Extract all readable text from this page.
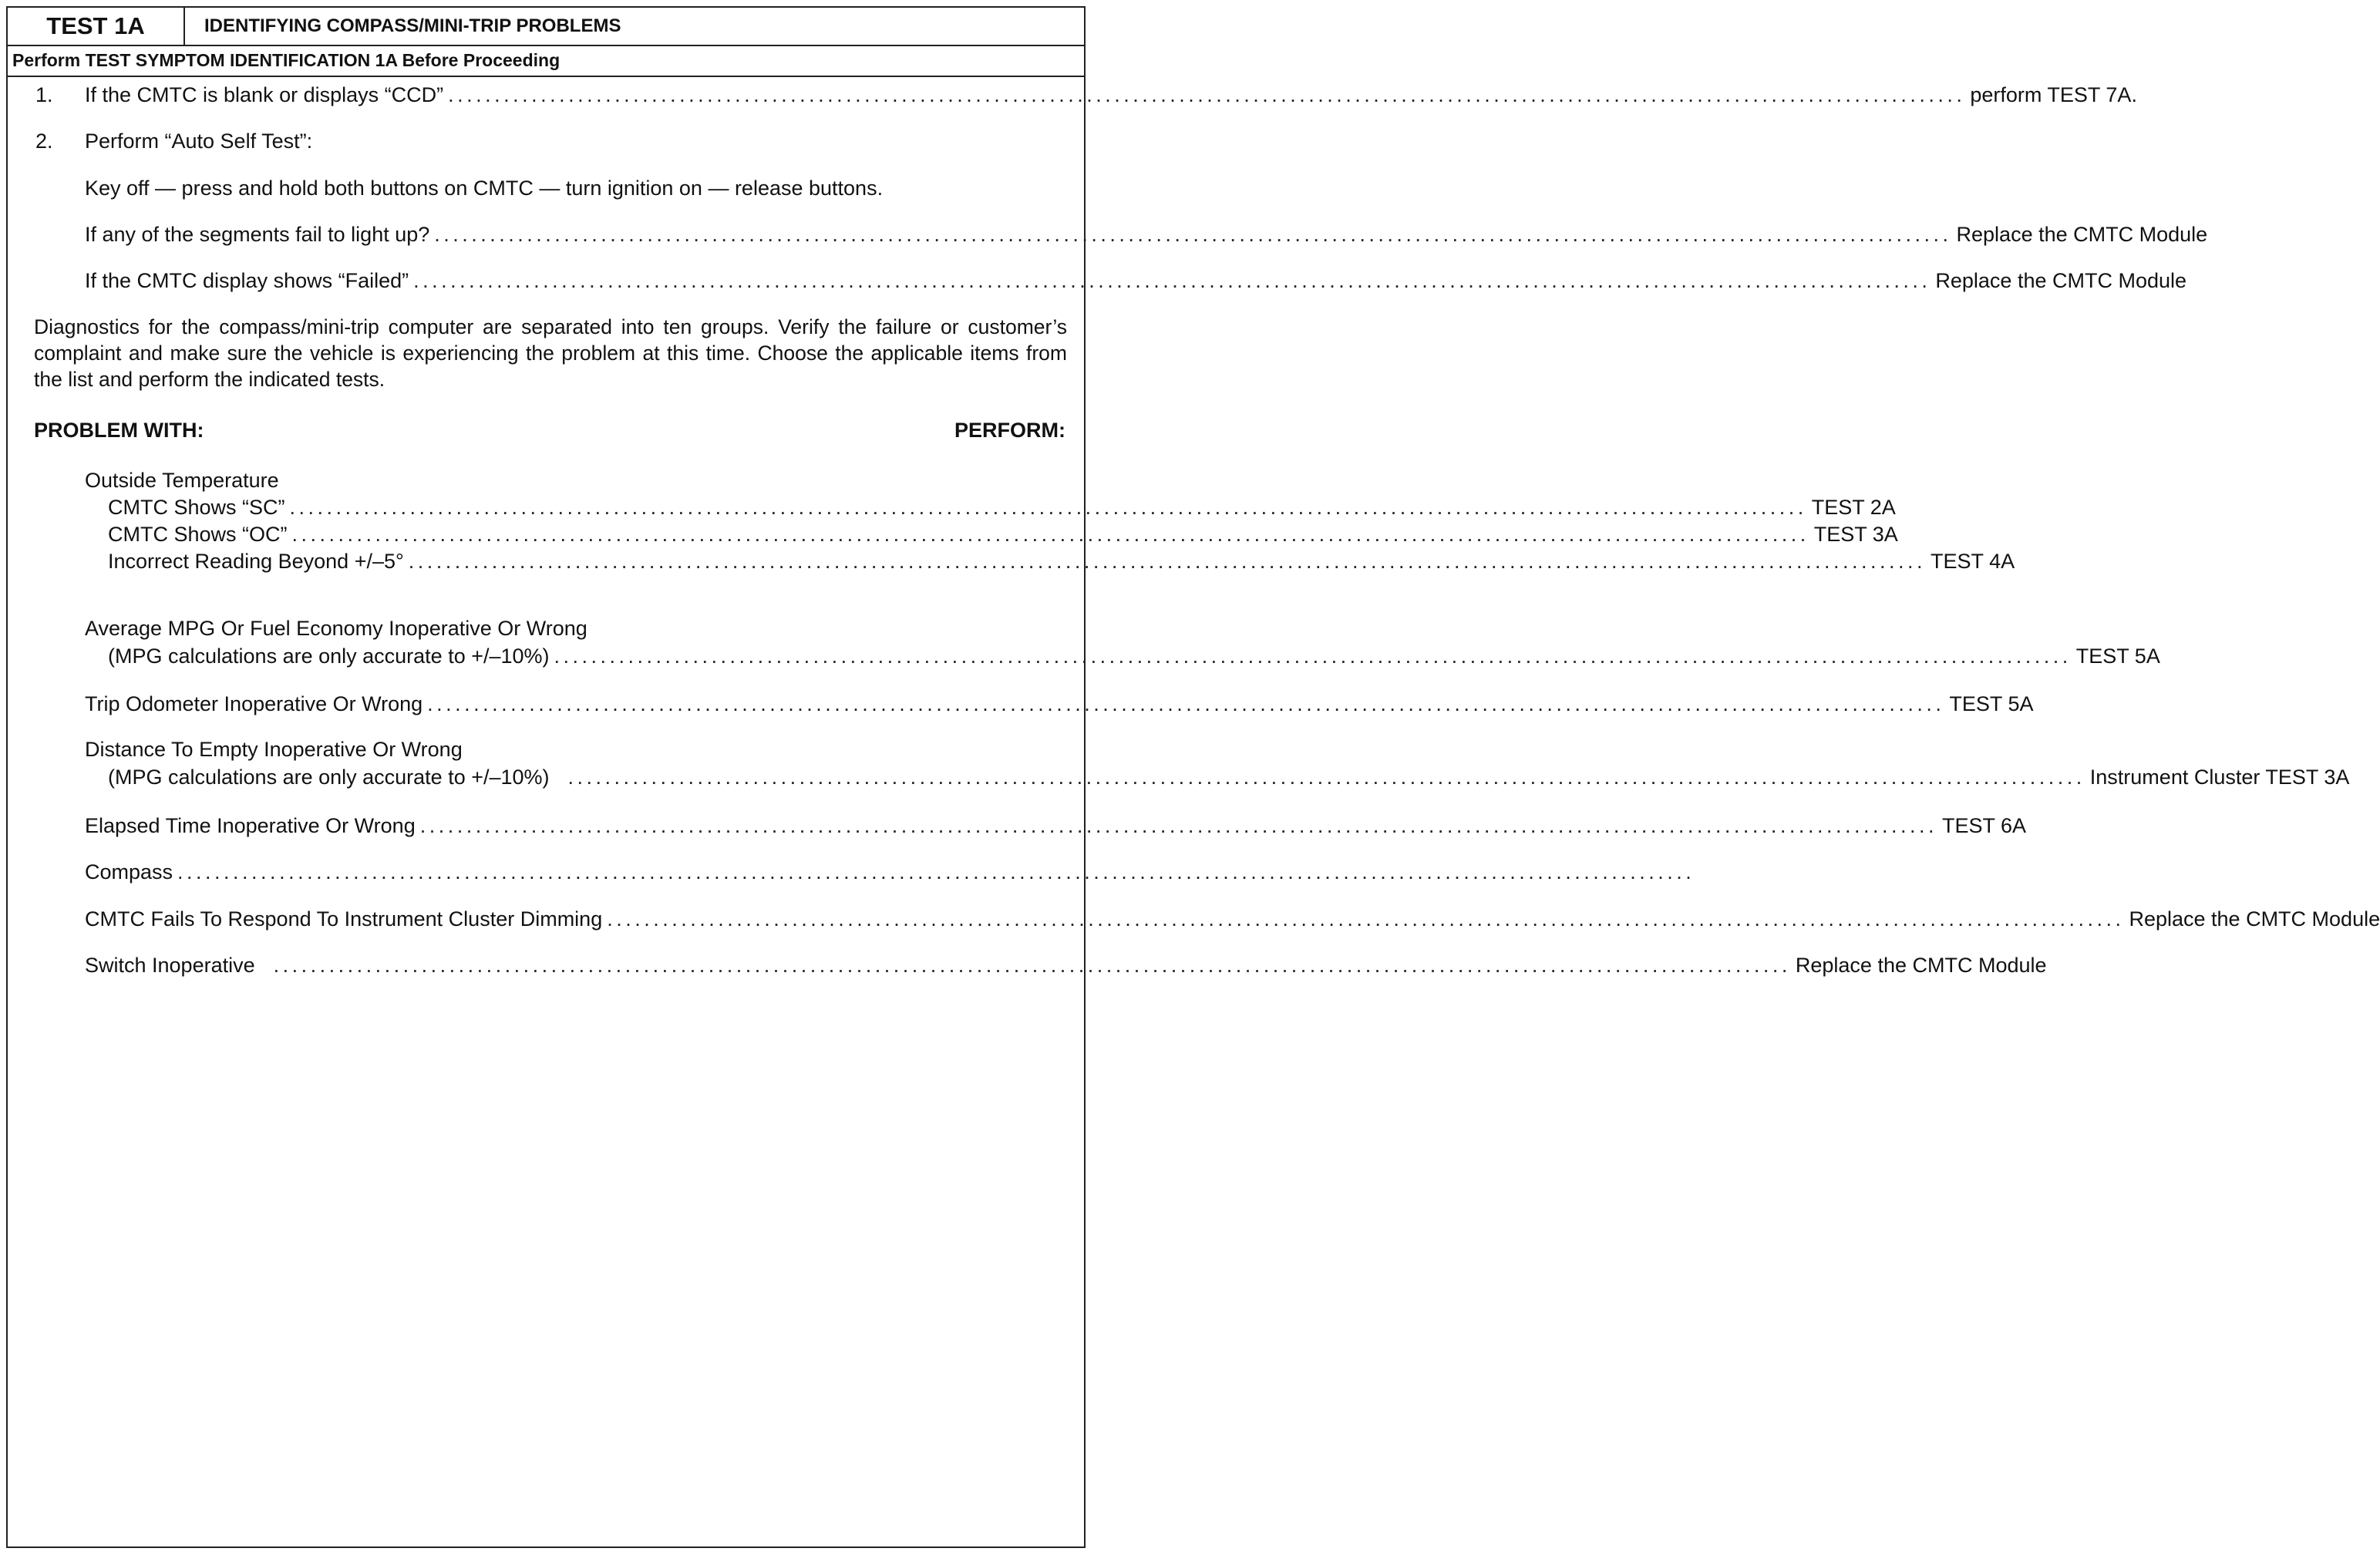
TEST 1A	IDENTIFYING COMPASS/MINI-TRIP PROBLEMS
Perform TEST SYMPTOM IDENTIFICATION 1A Before Proceeding
1. If the CMTC is blank or displays “CCD” .................................................................................................................................................................... perform TEST 7A.
2. Perform “Auto Self Test”:
Key off — press and hold both buttons on CMTC — turn ignition on — release buttons.
If any of the segments fail to light up? .................................................................................................................................................................... Replace the CMTC Module
If the CMTC display shows “Failed” .................................................................................................................................................................... Replace the CMTC Module
Diagnostics for the compass/mini-trip computer are separated into ten groups. Verify the failure or customer’s complaint and make sure the vehicle is experiencing the problem at this time. Choose the applicable items from the list and perform the indicated tests.
PROBLEM WITH:	PERFORM:
Outside Temperature
CMTC Shows “SC” .................................................................................................................................................................... TEST 2A
CMTC Shows “OC” .................................................................................................................................................................... TEST 3A
Incorrect Reading Beyond +/–5° .................................................................................................................................................................... TEST 4A
Average MPG Or Fuel Economy Inoperative Or Wrong
(MPG calculations are only accurate to +/–10%) .................................................................................................................................................................... TEST 5A
Trip Odometer Inoperative Or Wrong .................................................................................................................................................................... TEST 5A
Distance To Empty Inoperative Or Wrong
(MPG calculations are only accurate to +/–10%) .................................................................................................................................................................... Instrument Cluster TEST 3A
Elapsed Time Inoperative Or Wrong .................................................................................................................................................................... TEST 6A
Compass ....................................................................................................................................................................
CMTC Fails To Respond To Instrument Cluster Dimming .................................................................................................................................................................... Replace the CMTC Module
Switch Inoperative .................................................................................................................................................................... Replace the CMTC Module
